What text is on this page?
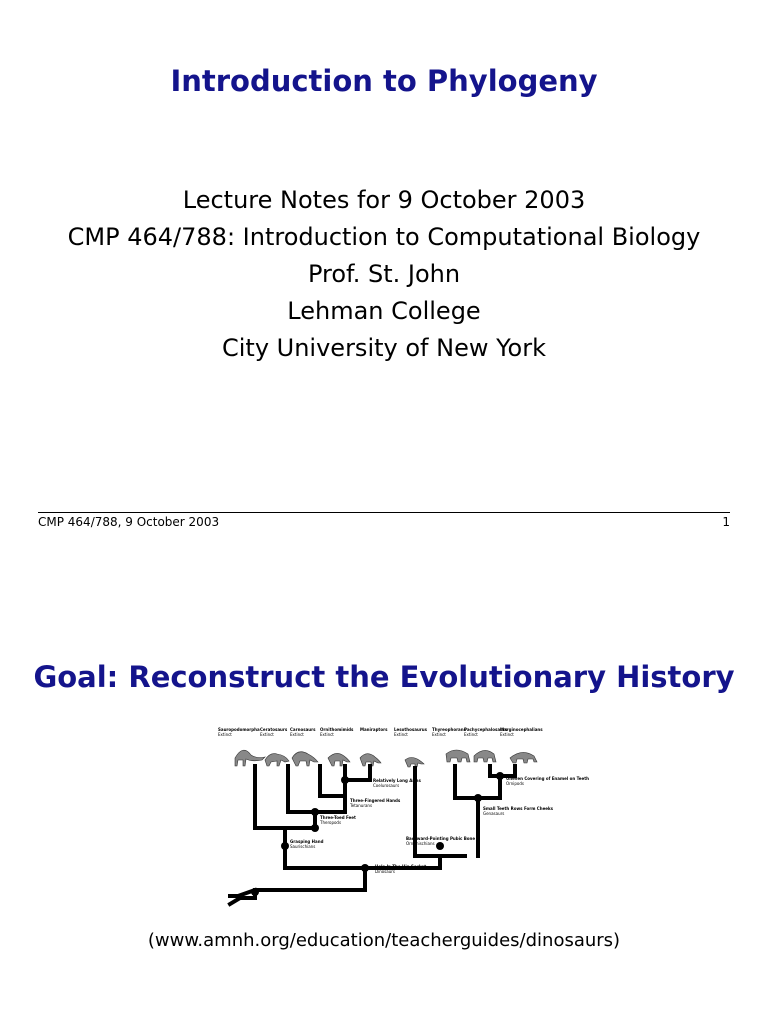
Introduction to Phylogeny
Lecture Notes for 9 October 2003
CMP 464/788: Introduction to Computational Biology
Prof. St. John
Lehman College
City University of New York
CMP 464/788, 9 October 2003	1
Goal: Reconstruct the Evolutionary History
Sauropodomorpha
Extinct
Ceratosaurs
Extinct
Carnosaurs
Extinct
Ornithomimids
Extinct
Maniraptors Lesothosaurus
Extinct
Thyreophorans
Extinct
Pachycephalosaurs
Extinct
Marginocephalians
Extinct
Relatively Long Arms
Coelurosaurs
Three-Fingered Hands
Tetanurans
Three-Toed Feet
Theropods
Grasping Hand
Saurischians
Uneven Covering of Enamel on Teeth
Ornipods
Small Teeth Rows Form Cheeks
Genasaurs
Backward-Pointing Pubic Bone
Ornithischians
Hole In The Hip Socket
Dinosaurs
(www.amnh.org/education/teacherguides/dinosaurs)
